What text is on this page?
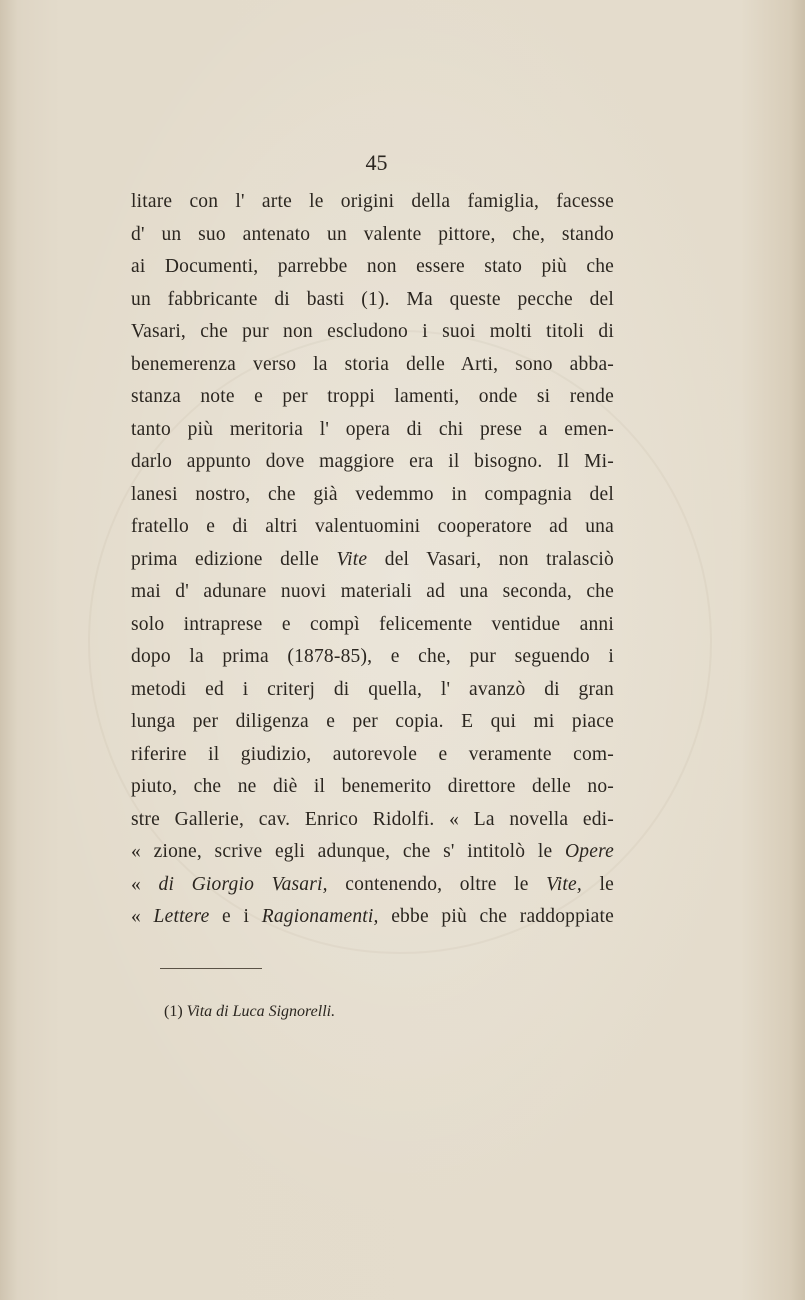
45
litare con l' arte le origini della famiglia, facesse
d' un suo antenato un valente pittore, che, stando
ai Documenti, parrebbe non essere stato più che
un fabbricante di basti (1). Ma queste pecche del
Vasari, che pur non escludono i suoi molti titoli di
benemerenza verso la storia delle Arti, sono abba-
stanza note e per troppi lamenti, onde si rende
tanto più meritoria l' opera di chi prese a emen-
darlo appunto dove maggiore era il bisogno. Il Mi-
lanesi nostro, che già vedemmo in compagnia del
fratello e di altri valentuomini cooperatore ad una
prima edizione delle Vite del Vasari, non tralasciò
mai d' adunare nuovi materiali ad una seconda, che
solo intraprese e compì felicemente ventidue anni
dopo la prima (1878-85), e che, pur seguendo i
metodi ed i criterj di quella, l' avanzò di gran
lunga per diligenza e per copia. E qui mi piace
riferire il giudizio, autorevole e veramente com-
piuto, che ne diè il benemerito direttore delle no-
stre Gallerie, cav. Enrico Ridolfi. « La novella edi-
« zione, scrive egli adunque, che s' intitolò le Opere
« di Giorgio Vasari, contenendo, oltre le Vite, le
« Lettere e i Ragionamenti, ebbe più che raddoppiate
(1) Vita di Luca Signorelli.
